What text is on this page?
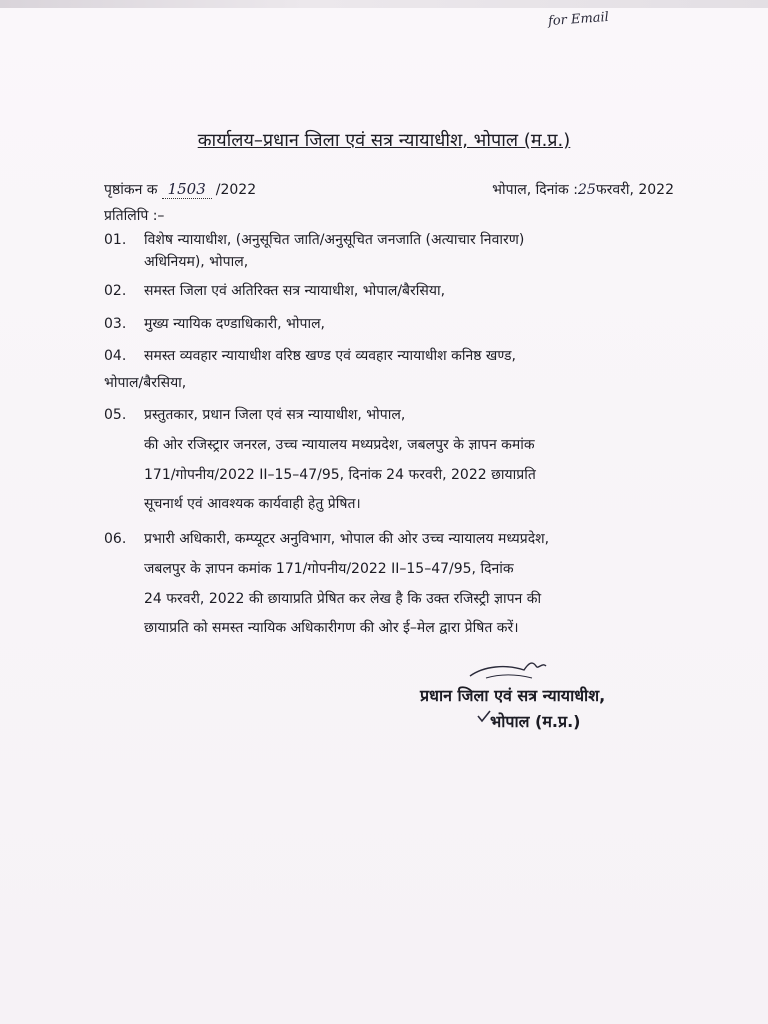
for Email
कार्यालय–प्रधान जिला एवं सत्र न्यायाधीश, भोपाल (म.प्र.)
पृष्ठांकन क 1503 /2022	भोपाल, दिनांक :25फरवरी, 2022
प्रतिलिपि :–
01.	विशेष न्यायाधीश, (अनुसूचित जाति/अनुसूचित जनजाति (अत्याचार निवारण)
अधिनियम), भोपाल,
02.	समस्त जिला एवं अतिरिक्त सत्र न्यायाधीश, भोपाल/बैरसिया,
03.	मुख्य न्यायिक दण्डाधिकारी, भोपाल,
04.	समस्त व्यवहार न्यायाधीश वरिष्ठ खण्ड एवं व्यवहार न्यायाधीश कनिष्ठ खण्ड,
भोपाल/बैरसिया,
05.	प्रस्तुतकार, प्रधान जिला एवं सत्र न्यायाधीश, भोपाल,
की ओर रजिस्ट्रार जनरल, उच्च न्यायालय मध्यप्रदेश, जबलपुर के ज्ञापन कमांक
171/गोपनीय/2022 II–15–47/95, दिनांक 24 फरवरी, 2022 छायाप्रति
सूचनार्थ एवं आवश्यक कार्यवाही हेतु प्रेषित।
06.	प्रभारी अधिकारी, कम्प्यूटर अनुविभाग, भोपाल की ओर उच्च न्यायालय मध्यप्रदेश,
जबलपुर के ज्ञापन कमांक 171/गोपनीय/2022 II–15–47/95, दिनांक
24 फरवरी, 2022 की छायाप्रति प्रेषित कर लेख है कि उक्त रजिस्ट्री ज्ञापन की
छायाप्रति को समस्त न्यायिक अधिकारीगण की ओर ई–मेल द्वारा प्रेषित करें।
प्रधान जिला एवं सत्र न्यायाधीश,
भोपाल (म.प्र.)
